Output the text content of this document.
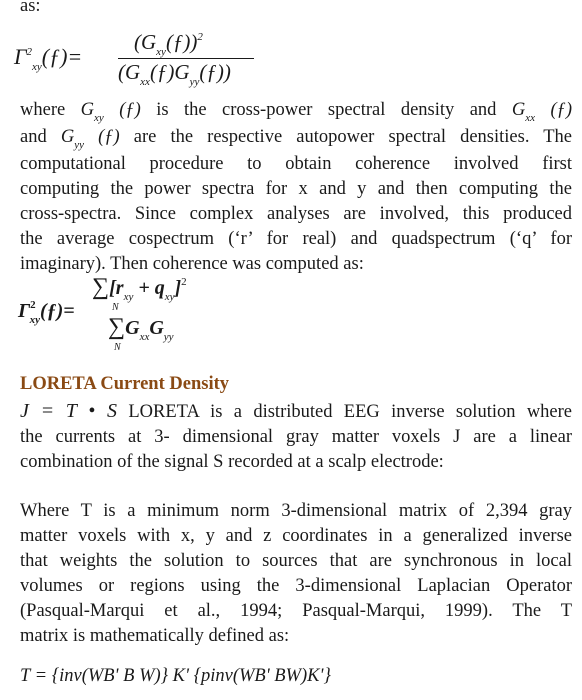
as:
$\Gamma^2_{xy}(ƒ)=$
$(G_{xy}(ƒ))^2$
$(G_{xx}(ƒ)G_{yy}(ƒ))$
where $G_{xy}$ (ƒ) is the cross-power spectral density and $G_{xx}$ (ƒ)
and $G_{yy}$ (ƒ) are the respective autopower spectral densities. The
computational procedure to obtain coherence involved first
computing the power spectra for x and y and then computing the
cross-spectra. Since complex analyses are involved, this produced
the average cospectrum (‘r’ for real) and quadspectrum (‘q’ for
imaginary). Then coherence was computed as:
$\Gamma^2_{xy}(ƒ)=$
$\sum[r_{xy} + q_{xy}]^2$
N
$\sum G_{xx}G_{yy}$
N
LORETA Current Density
J = T • S LORETA is a distributed EEG inverse solution where
the currents at 3- dimensional gray matter voxels J are a linear
combination of the signal S recorded at a scalp electrode:
Where T is a minimum norm 3-dimensional matrix of 2,394 gray
matter voxels with x, y and z coordinates in a generalized inverse
that weights the solution to sources that are synchronous in local
volumes or regions using the 3-dimensional Laplacian Operator
(Pasqual-Marqui et al., 1994; Pasqual-Marqui, 1999). The T
matrix is mathematically defined as:
T = {inv(WB' B W)} K' {pinv(WB' BW)K'}
